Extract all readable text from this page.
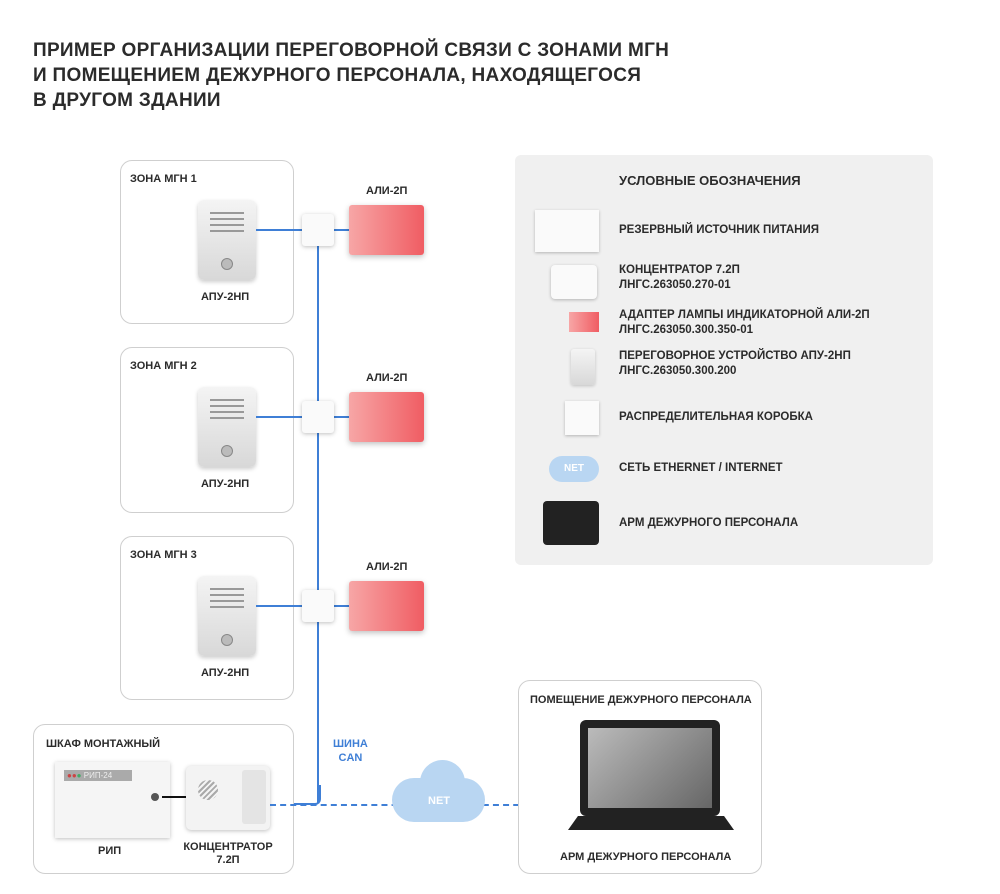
ПРИМЕР ОРГАНИЗАЦИИ ПЕРЕГОВОРНОЙ СВЯЗИ С ЗОНАМИ МГН
И ПОМЕЩЕНИЕМ ДЕЖУРНОГО ПЕРСОНАЛА, НАХОДЯЩЕГОСЯ
В ДРУГОМ ЗДАНИИ
ШИНА
CAN
ЗОНА МГН 1
АПУ-2НП
АЛИ-2П
ЗОНА МГН 2
АПУ-2НП
АЛИ-2П
ЗОНА МГН 3
АПУ-2НП
АЛИ-2П
ШКАФ МОНТАЖНЫЙ
●●● РИП-24
РИП	КОНЦЕНТРАТОР
7.2П
NET
ПОМЕЩЕНИЕ ДЕЖУРНОГО ПЕРСОНАЛА
АРМ ДЕЖУРНОГО ПЕРСОНАЛА
УСЛОВНЫЕ ОБОЗНАЧЕНИЯ
РЕЗЕРВНЫЙ ИСТОЧНИК ПИТАНИЯ
КОНЦЕНТРАТОР 7.2П
ЛНГС.263050.270-01
АДАПТЕР ЛАМПЫ ИНДИКАТОРНОЙ АЛИ-2П
ЛНГС.263050.300.350-01
ПЕРЕГОВОРНОЕ УСТРОЙСТВО АПУ-2НП
ЛНГС.263050.300.200
РАСПРЕДЕЛИТЕЛЬНАЯ КОРОБКА
NET	СЕТЬ ETHERNET / INTERNET
АРМ ДЕЖУРНОГО ПЕРСОНАЛА
